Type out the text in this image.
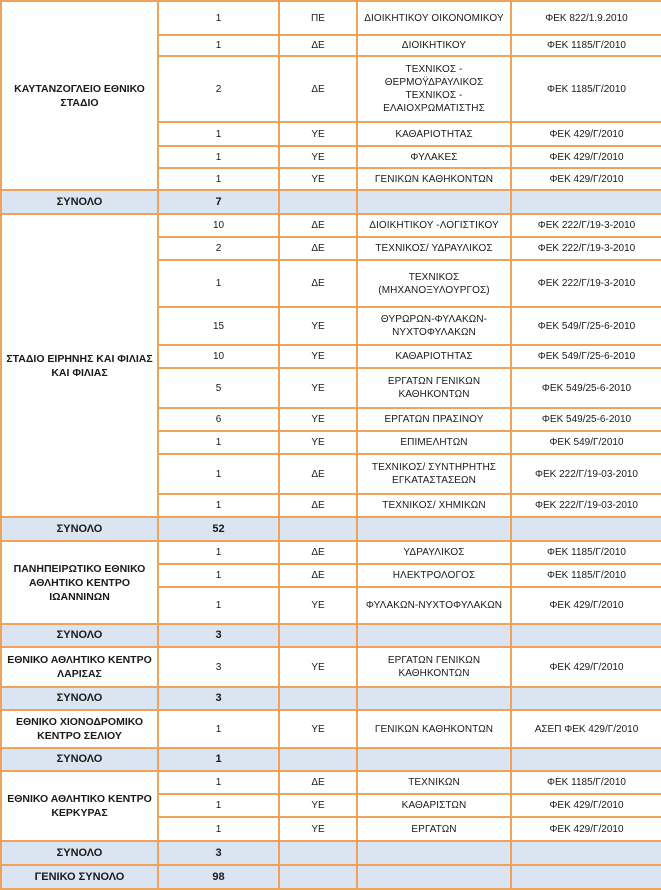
ΚΑΥΤΑΝΖΟΓΛΕΙΟ ΕΘΝΙΚΟ ΣΤΑΔΙΟ	1	ΠΕ	ΔΙΟΙΚΗΤΙΚΟΥ ΟΙΚΟΝΟΜΙΚΟΥ	ΦΕΚ 822/1.9.2010
	1	ΔΕ	ΔΙΟΙΚΗΤΙΚΟΥ	ΦΕΚ 1185/Γ/2010
	2	ΔΕ	ΤΕΧΝΙΚΟΣ - ΘΕΡΜΟΫΔΡΑΥΛΙΚΟΣ ΤΕΧΝΙΚΟΣ - ΕΛΑΙΟΧΡΩΜΑΤΙΣΤΗΣ	ΦΕΚ 1185/Γ/2010
	1	ΥΕ	ΚΑΘΑΡΙΟΤΗΤΑΣ	ΦΕΚ 429/Γ/2010
	1	ΥΕ	ΦΥΛΑΚΕΣ	ΦΕΚ 429/Γ/2010
	1	ΥΕ	ΓΕΝΙΚΩΝ ΚΑΘΗΚΟΝΤΩΝ	ΦΕΚ 429/Γ/2010
ΣΥΝΟΛΟ	7			
ΣΤΑΔΙΟ ΕΙΡΗΝΗΣ ΚΑΙ ΦΙΛΙΑΣ ΚΑΙ ΦΙΛΙΑΣ	10	ΔΕ	ΔΙΟΙΚΗΤΙΚΟΥ -ΛΟΓΙΣΤΙΚΟΥ	ΦΕΚ 222/Γ/19-3-2010
	2	ΔΕ	ΤΕΧΝΙΚΟΣ/ ΥΔΡΑΥΛΙΚΟΣ	ΦΕΚ 222/Γ/19-3-2010
	1	ΔΕ	ΤΕΧΝΙΚΟΣ (ΜΗΧΑΝΟΞΥΛΟΥΡΓΟΣ)	ΦΕΚ 222/Γ/19-3-2010
	15	ΥΕ	ΘΥΡΩΡΩΝ-ΦΥΛΑΚΩΝ-ΝΥΧΤΟΦΥΛΑΚΩΝ	ΦΕΚ 549/Γ/25-6-2010
	10	ΥΕ	ΚΑΘΑΡΙΟΤΗΤΑΣ	ΦΕΚ 549/Γ/25-6-2010
	5	ΥΕ	ΕΡΓΑΤΩΝ ΓΕΝΙΚΩΝ ΚΑΘΗΚΟΝΤΩΝ	ΦΕΚ 549/25-6-2010
	6	ΥΕ	ΕΡΓΑΤΩΝ ΠΡΑΣΙΝΟΥ	ΦΕΚ 549/25-6-2010
	1	ΥΕ	ΕΠΙΜΕΛΗΤΩΝ	ΦΕΚ 549/Γ/2010
	1	ΔΕ	ΤΕΧΝΙΚΟΣ/ ΣΥΝΤΗΡΗΤΗΣ ΕΓΚΑΤΑΣΤΑΣΕΩΝ	ΦΕΚ 222/Γ/19-03-2010
	1	ΔΕ	ΤΕΧΝΙΚΟΣ/ ΧΗΜΙΚΩΝ	ΦΕΚ 222/Γ/19-03-2010
ΣΥΝΟΛΟ	52			
ΠΑΝΗΠΕΙΡΩΤΙΚΟ ΕΘΝΙΚΟ ΑΘΛΗΤΙΚΟ ΚΕΝΤΡΟ ΙΩΑΝΝΙΝΩΝ	1	ΔΕ	ΥΔΡΑΥΛΙΚΟΣ	ΦΕΚ 1185/Γ/2010
	1	ΔΕ	ΗΛΕΚΤΡΟΛΟΓΟΣ	ΦΕΚ 1185/Γ/2010
	1	ΥΕ	ΦΥΛΑΚΩΝ-ΝΥΧΤΟΦΥΛΑΚΩΝ	ΦΕΚ 429/Γ/2010
ΣΥΝΟΛΟ	3			
ΕΘΝΙΚΟ ΑΘΛΗΤΙΚΟ ΚΕΝΤΡΟ ΛΑΡΙΣΑΣ	3	ΥΕ	ΕΡΓΑΤΩΝ ΓΕΝΙΚΩΝ ΚΑΘΗΚΟΝΤΩΝ	ΦΕΚ 429/Γ/2010
ΣΥΝΟΛΟ	3			
ΕΘΝΙΚΟ ΧΙΟΝΟΔΡΟΜΙΚΟ ΚΕΝΤΡΟ ΣΕΛΙΟΥ	1	ΥΕ	ΓΕΝΙΚΩΝ ΚΑΘΗΚΟΝΤΩΝ	ΑΣΕΠ ΦΕΚ 429/Γ/2010
ΣΥΝΟΛΟ	1			
ΕΘΝΙΚΟ ΑΘΛΗΤΙΚΟ ΚΕΝΤΡΟ ΚΕΡΚΥΡΑΣ	1	ΔΕ	ΤΕΧΝΙΚΩΝ	ΦΕΚ 1185/Γ/2010
	1	ΥΕ	ΚΑΘΑΡΙΣΤΩΝ	ΦΕΚ 429/Γ/2010
	1	ΥΕ	ΕΡΓΑΤΩΝ	ΦΕΚ 429/Γ/2010
ΣΥΝΟΛΟ	3			
ΓΕΝΙΚΟ ΣΥΝΟΛΟ	98			
